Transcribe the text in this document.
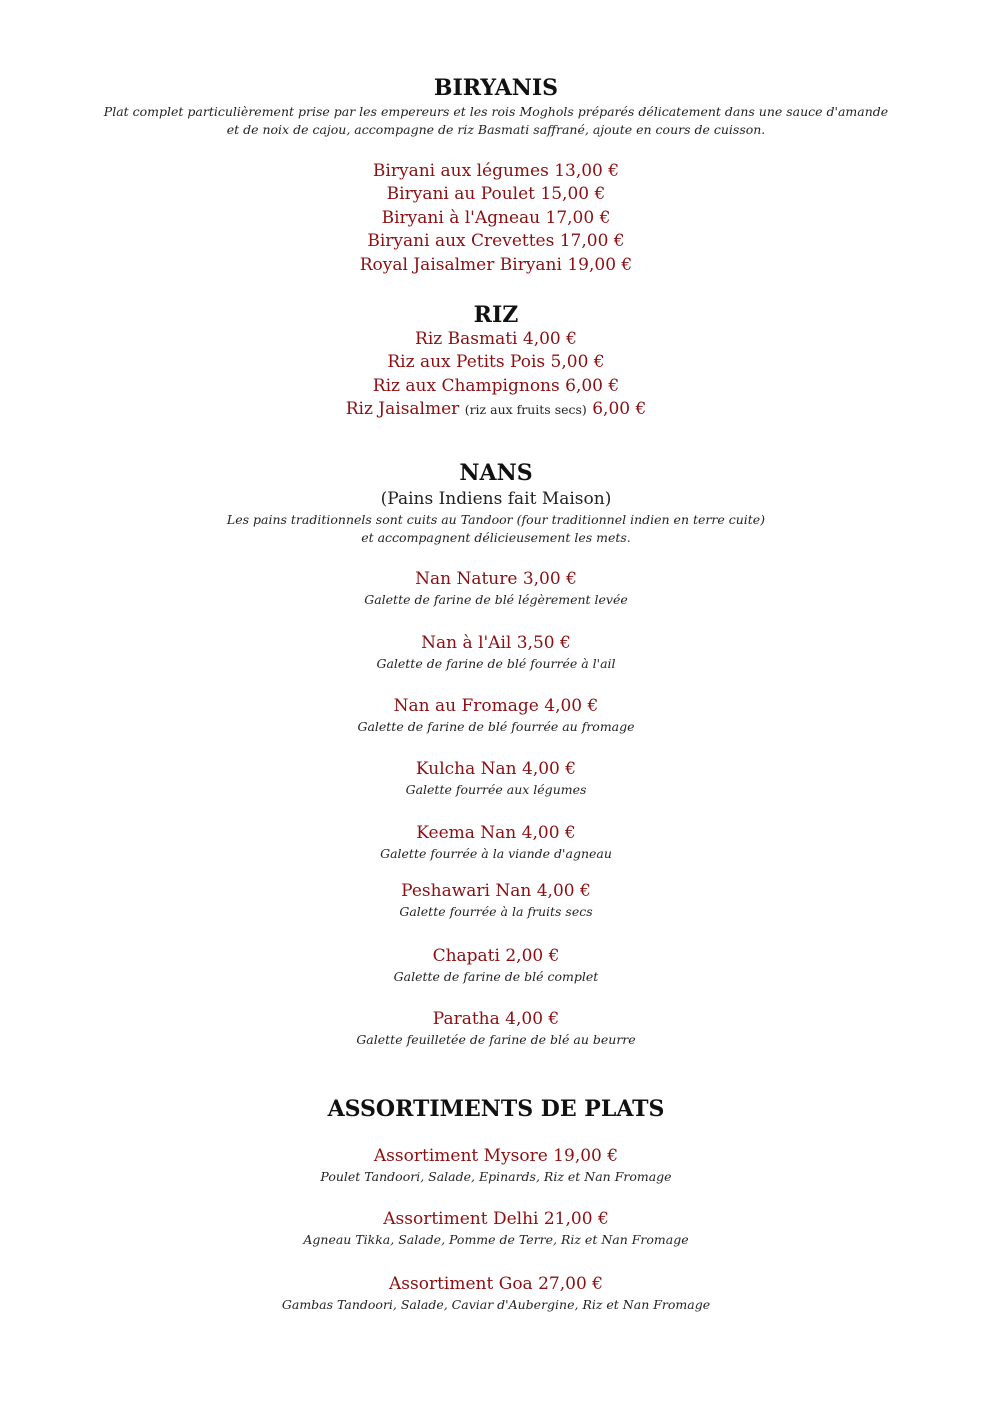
BIRYANIS
Plat complet particulièrement prise par les empereurs et les rois Moghols préparés délicatement dans une sauce d'amande
et de noix de cajou, accompagne de riz Basmati saffrané, ajoute en cours de cuisson.
Biryani aux légumes 13,00 €
Biryani au Poulet 15,00 €
Biryani à l'Agneau 17,00 €
Biryani aux Crevettes 17,00 €
Royal Jaisalmer Biryani 19,00 €
RIZ
Riz Basmati 4,00 €
Riz aux Petits Pois 5,00 €
Riz aux Champignons 6,00 €
Riz Jaisalmer (riz aux fruits secs) 6,00 €
NANS
(Pains Indiens fait Maison)
Les pains traditionnels sont cuits au Tandoor (four traditionnel indien en terre cuite)
et accompagnent délicieusement les mets.
Nan Nature 3,00 €
Galette de farine de blé légèrement levée
Nan à l'Ail 3,50 €
Galette de farine de blé fourrée à l'ail
Nan au Fromage 4,00 €
Galette de farine de blé fourrée au fromage
Kulcha Nan 4,00 €
Galette fourrée aux légumes
Keema Nan 4,00 €
Galette fourrée à la viande d'agneau
Peshawari Nan 4,00 €
Galette fourrée à la fruits secs
Chapati 2,00 €
Galette de farine de blé complet
Paratha 4,00 €
Galette feuilletée de farine de blé au beurre
ASSORTIMENTS DE PLATS
Assortiment Mysore 19,00 €
Poulet Tandoori, Salade, Epinards, Riz et Nan Fromage
Assortiment Delhi 21,00 €
Agneau Tikka, Salade, Pomme de Terre, Riz et Nan Fromage
Assortiment Goa 27,00 €
Gambas Tandoori, Salade, Caviar d'Aubergine, Riz et Nan Fromage
